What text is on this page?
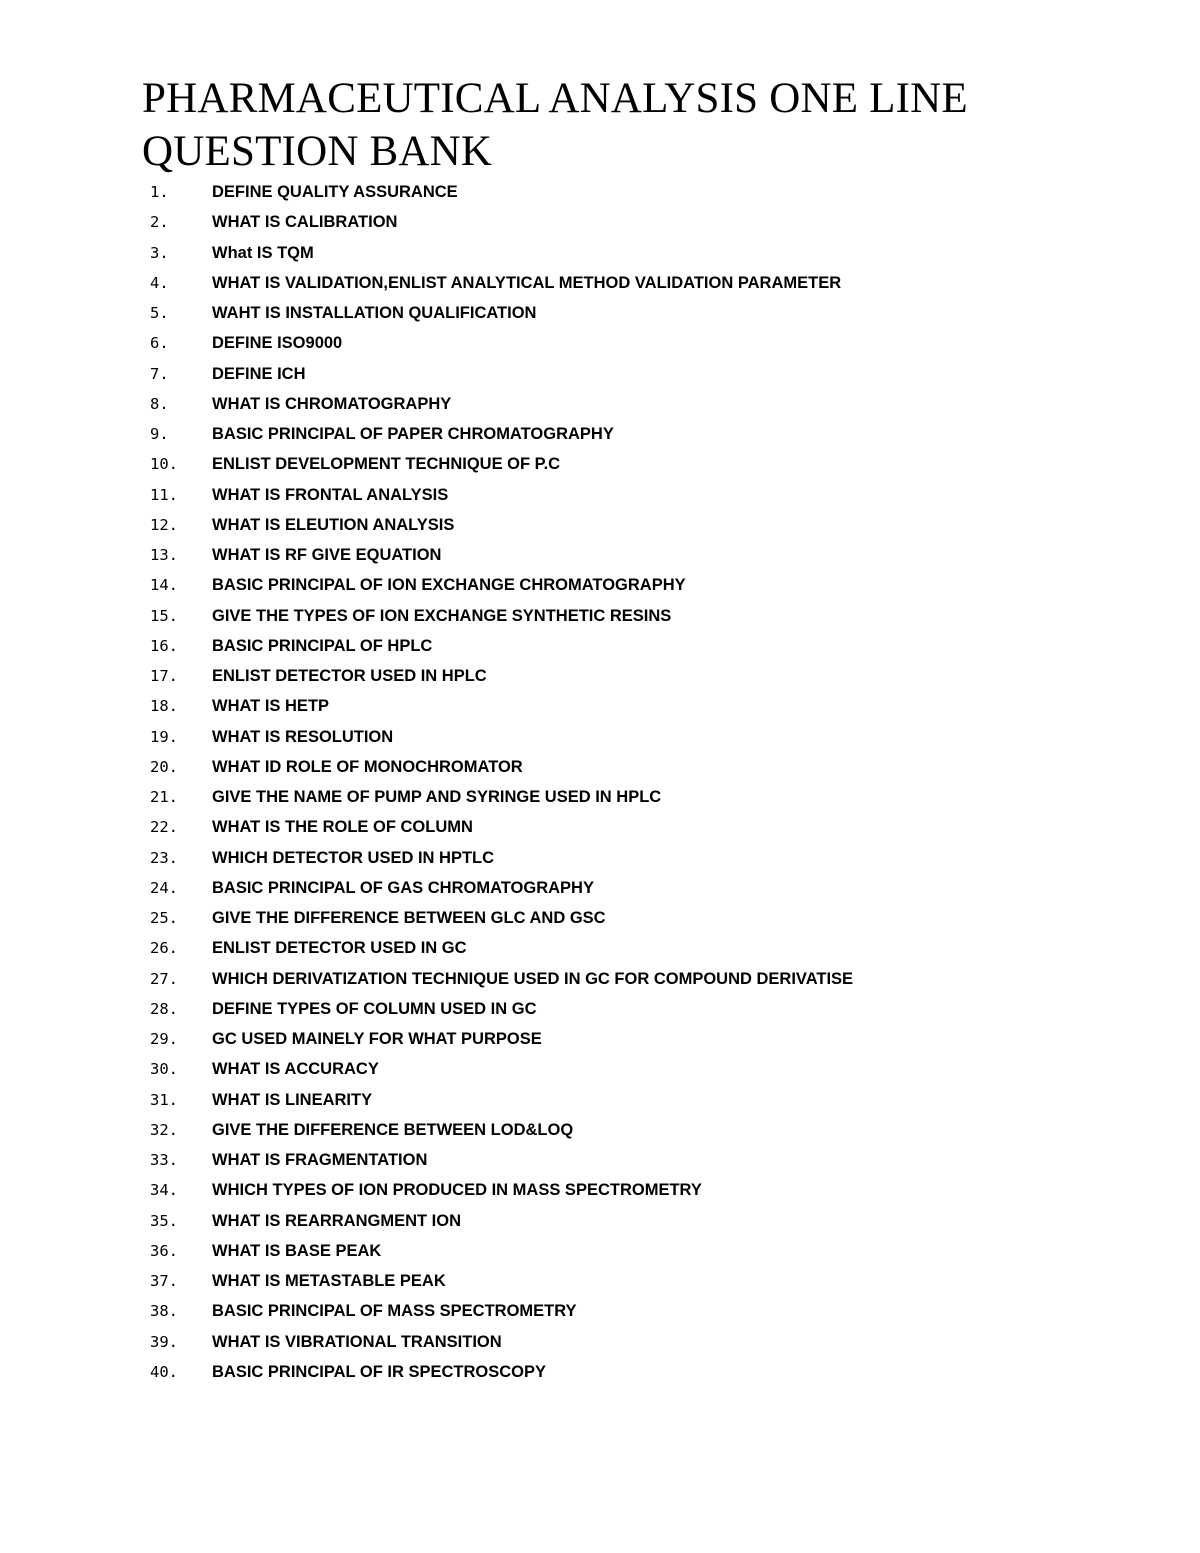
PHARMACEUTICAL ANALYSIS ONE LINE QUESTION BANK
1.	DEFINE QUALITY ASSURANCE
2.	WHAT IS CALIBRATION
3.	What IS TQM
4.	WHAT IS VALIDATION,ENLIST ANALYTICAL METHOD VALIDATION PARAMETER
5.	WAHT IS INSTALLATION QUALIFICATION
6.	DEFINE ISO9000
7.	DEFINE ICH
8.	WHAT IS CHROMATOGRAPHY
9.	BASIC PRINCIPAL OF PAPER CHROMATOGRAPHY
10.	ENLIST DEVELOPMENT TECHNIQUE OF P.C
11.	WHAT IS FRONTAL ANALYSIS
12.	WHAT IS ELEUTION ANALYSIS
13.	WHAT IS RF GIVE EQUATION
14.	BASIC PRINCIPAL OF ION EXCHANGE CHROMATOGRAPHY
15.	GIVE THE TYPES OF ION EXCHANGE SYNTHETIC RESINS
16.	BASIC PRINCIPAL OF HPLC
17.	ENLIST DETECTOR USED IN HPLC
18.	WHAT IS HETP
19.	WHAT IS RESOLUTION
20.	WHAT ID ROLE OF MONOCHROMATOR
21.	GIVE THE NAME OF PUMP AND SYRINGE USED IN HPLC
22.	WHAT IS THE ROLE OF COLUMN
23.	WHICH DETECTOR USED IN HPTLC
24.	BASIC PRINCIPAL OF GAS CHROMATOGRAPHY
25.	GIVE THE DIFFERENCE BETWEEN GLC AND GSC
26.	ENLIST DETECTOR USED IN GC
27.	WHICH DERIVATIZATION TECHNIQUE USED IN GC FOR COMPOUND DERIVATISE
28.	DEFINE TYPES OF COLUMN USED IN GC
29.	GC USED MAINELY FOR WHAT PURPOSE
30.	WHAT IS ACCURACY
31.	WHAT IS LINEARITY
32.	GIVE THE DIFFERENCE BETWEEN LOD&LOQ
33.	WHAT IS FRAGMENTATION
34.	WHICH TYPES OF ION PRODUCED IN MASS SPECTROMETRY
35.	WHAT IS REARRANGMENT ION
36.	WHAT IS BASE PEAK
37.	WHAT IS METASTABLE PEAK
38.	BASIC PRINCIPAL OF MASS SPECTROMETRY
39.	WHAT IS VIBRATIONAL TRANSITION
40.	BASIC PRINCIPAL OF IR SPECTROSCOPY
